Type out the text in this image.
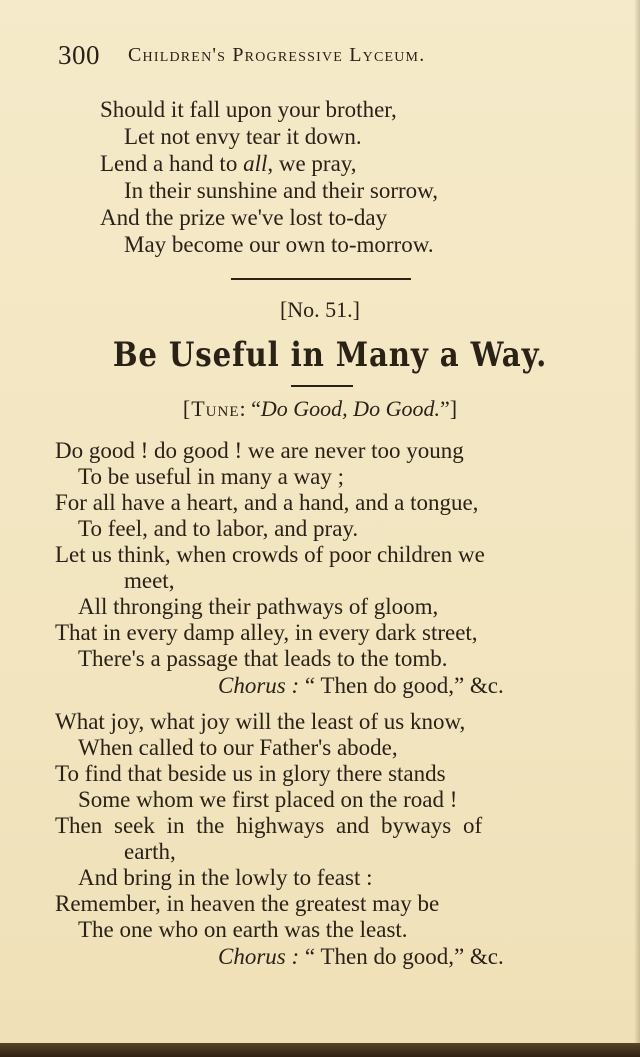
300 Children's Progressive Lyceum.
Should it fall upon your brother,
Let not envy tear it down.
Lend a hand to all, we pray,
In their sunshine and their sorrow,
And the prize we've lost to-day
May become our own to-morrow.
[No. 51.]
Be Useful in Many a Way.
[Tune: “Do Good, Do Good.”]
Do good ! do good ! we are never too young
To be useful in many a way ;
For all have a heart, and a hand, and a tongue,
To feel, and to labor, and pray.
Let us think, when crowds of poor children we
meet,
All thronging their pathways of gloom,
That in every damp alley, in every dark street,
There's a passage that leads to the tomb.
Chorus : “ Then do good,” &c.
What joy, what joy will the least of us know,
When called to our Father's abode,
To find that beside us in glory there stands
Some whom we first placed on the road !
Then seek in the highways and byways of
earth,
And bring in the lowly to feast :
Remember, in heaven the greatest may be
The one who on earth was the least.
Chorus : “ Then do good,” &c.
